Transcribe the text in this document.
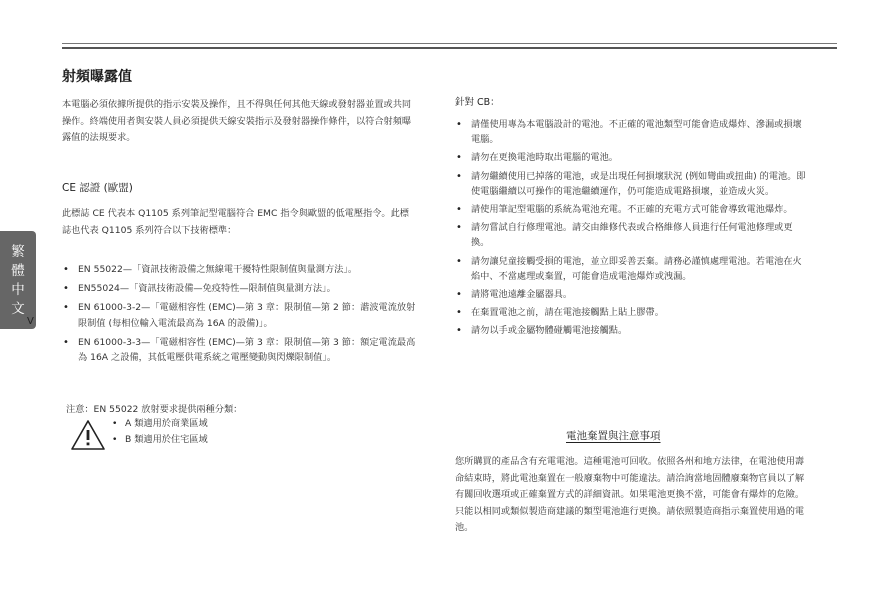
射頻曝露值

本電腦必須依據所提供的指示安裝及操作，且不得與任何其他天線或發射器並置或共同操作。終端使用者與安裝人員必須提供天線安裝指示及發射器操作條件，以符合射頻曝露值的法規要求。

CE 認證 (歐盟)

此標誌 CE 代表本 Q1105 系列筆記型電腦符合 EMC 指令與歐盟的低電壓指令。此標誌也代表 Q1105 系列符合以下技術標準：

• EN 55022—「資訊技術設備之無線電干擾特性限制值與量測方法」。
• EN55024—「資訊技術設備—免疫特性—限制值與量測方法」。
• EN 61000-3-2—「電磁相容性 (EMC)—第 3 章：限制值—第 2 節：諧波電流放射限制值 (每相位輸入電流最高為 16A 的設備)」。
• EN 61000-3-3—「電磁相容性 (EMC)—第 3 章：限制值—第 3 節：額定電流最高為 16A 之設備，其低電壓供電系統之電壓變動與閃爍限制值」。

注意：EN 55022 放射要求提供兩種分類：

• A 類適用於商業區域
• B 類適用於住宅區域
繁體中文

V

針對 CB：

• 請僅使用專為本電腦設計的電池。不正確的電池類型可能會造成爆炸、滲漏或損壞電腦。
• 請勿在更換電池時取出電腦的電池。
• 請勿繼續使用已掉落的電池，或是出現任何損壞狀況 (例如彎曲或扭曲) 的電池。即使電腦繼續以可操作的電池繼續運作，仍可能造成電路損壞，並造成火災。
• 請使用筆記型電腦的系統為電池充電。不正確的充電方式可能會導致電池爆炸。
• 請勿嘗試自行修理電池。請交由維修代表或合格維修人員進行任何電池修理或更換。
• 請勿讓兒童接觸受損的電池，並立即妥善丟棄。請務必謹慎處理電池。若電池在火焰中、不當處理或棄置，可能會造成電池爆炸或洩漏。
• 請將電池遠離金屬器具。
• 在棄置電池之前，請在電池接觸點上貼上膠帶。
• 請勿以手或金屬物體碰觸電池接觸點。

電池棄置與注意事項

您所購買的產品含有充電電池。這種電池可回收。依照各州和地方法律，在電池使用壽命結束時，將此電池棄置在一般廢棄物中可能違法。請洽詢當地固體廢棄物官員以了解有關回收選項或正確棄置方式的詳細資訊。如果電池更換不當，可能會有爆炸的危險。只能以相同或類似製造商建議的類型電池進行更換。請依照製造商指示棄置使用過的電池。
